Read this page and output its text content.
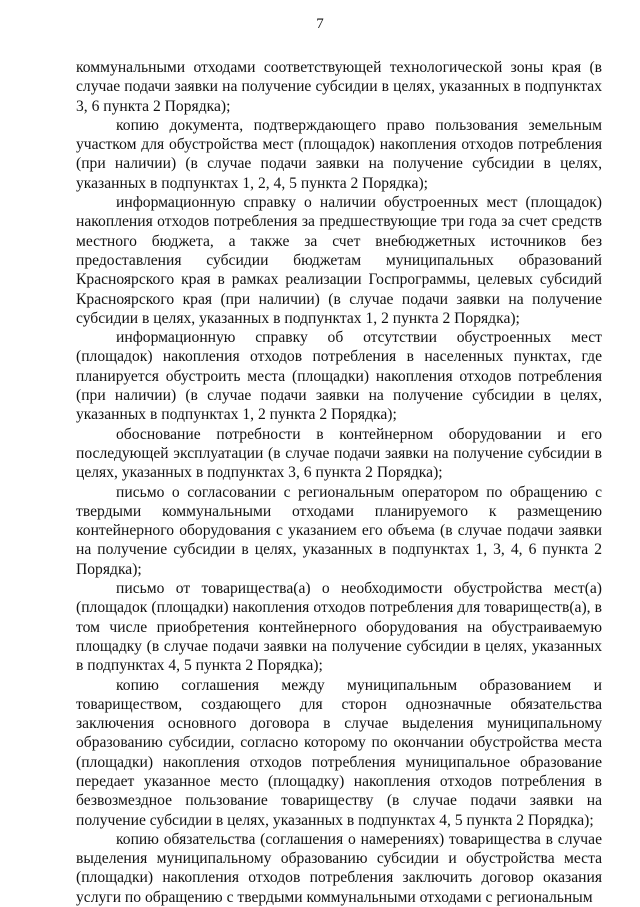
7

коммунальными отходами соответствующей технологической зоны края (в случае подачи заявки на получение субсидии в целях, указанных в подпунктах 3, 6 пункта 2 Порядка);

копию документа, подтверждающего право пользования земельным участком для обустройства мест (площадок) накопления отходов потребления (при наличии) (в случае подачи заявки на получение субсидии в целях, указанных в подпунктах 1, 2, 4, 5 пункта 2 Порядка);

информационную справку о наличии обустроенных мест (площадок) накопления отходов потребления за предшествующие три года за счет средств местного бюджета, а также за счет внебюджетных источников без предоставления субсидии бюджетам муниципальных образований Красноярского края в рамках реализации Госпрограммы, целевых субсидий Красноярского края (при наличии) (в случае подачи заявки на получение субсидии в целях, указанных в подпунктах 1, 2 пункта 2 Порядка);

информационную справку об отсутствии обустроенных мест (площадок) накопления отходов потребления в населенных пунктах, где планируется обустроить места (площадки) накопления отходов потребления (при наличии) (в случае подачи заявки на получение субсидии в целях, указанных в подпунктах 1, 2 пункта 2 Порядка);

обоснование потребности в контейнерном оборудовании и его последующей эксплуатации (в случае подачи заявки на получение субсидии в целях, указанных в подпунктах 3, 6 пункта 2 Порядка);

письмо о согласовании с региональным оператором по обращению с твердыми коммунальными отходами планируемого к размещению контейнерного оборудования с указанием его объема (в случае подачи заявки на получение субсидии в целях, указанных в подпунктах 1, 3, 4, 6 пункта 2 Порядка);

письмо от товарищества(а) о необходимости обустройства мест(а) (площадок (площадки) накопления отходов потребления для товариществ(а), в том числе приобретения контейнерного оборудования на обустраиваемую площадку (в случае подачи заявки на получение субсидии в целях, указанных в подпунктах 4, 5 пункта 2 Порядка);

копию соглашения между муниципальным образованием и товариществом, создающего для сторон однозначные обязательства заключения основного договора в случае выделения муниципальному образованию субсидии, согласно которому по окончании обустройства места (площадки) накопления отходов потребления муниципальное образование передает указанное место (площадку) накопления отходов потребления в безвозмездное пользование товариществу (в случае подачи заявки на получение субсидии в целях, указанных в подпунктах 4, 5 пункта 2 Порядка);

копию обязательства (соглашения о намерениях) товарищества в случае выделения муниципальному образованию субсидии и обустройства места (площадки) накопления отходов потребления заключить договор оказания услуги по обращению с твердыми коммунальными отходами с региональным
